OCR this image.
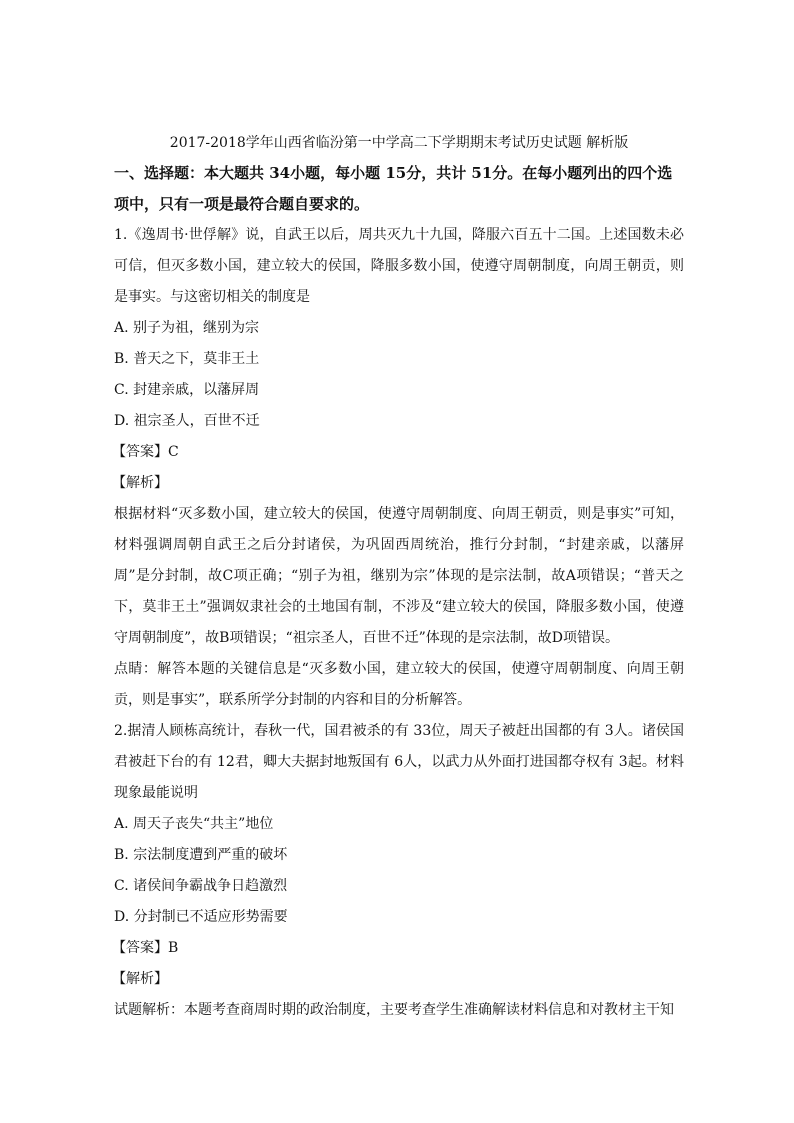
2017-2018学年山西省临汾第一中学高二下学期期末考试历史试题 解析版
一、选择题：本大题共 34小题，每小题 15分，共计 51分。在每小题列出的四个选项中，只有一项是最符合题自要求的。

1.《逸周书·世俘解》说，自武王以后，周共灭九十九国，降服六百五十二国。上述国数未必可信，但灭多数小国，建立较大的侯国，降服多数小国，使遵守周朝制度，向周王朝贡，则是事实。与这密切相关的制度是

A. 别子为祖，继别为宗

B. 普天之下，莫非王土

C. 封建亲戚，以藩屏周

D. 祖宗圣人，百世不迁

【答案】C

【解析】

根据材料“灭多数小国，建立较大的侯国，使遵守周朝制度、向周王朝贡，则是事实”可知，材料强调周朝自武王之后分封诸侯，为巩固西周统治，推行分封制，“封建亲戚，以藩屏周”是分封制，故C项正确；“别子为祖，继别为宗”体现的是宗法制，故A项错误；“普天之下，莫非王土”强调奴隶社会的土地国有制，不涉及“建立较大的侯国，降服多数小国，使遵守周朝制度”，故B项错误；“祖宗圣人，百世不迁”体现的是宗法制，故D项错误。

点睛：解答本题的关键信息是“灭多数小国，建立较大的侯国，使遵守周朝制度、向周王朝贡，则是事实”，联系所学分封制的内容和目的分析解答。

2.据清人顾栋高统计，春秋一代，国君被杀的有 33位，周天子被赶出国都的有 3人。诸侯国君被赶下台的有 12君，卿大夫据封地叛国有 6人，以武力从外面打进国都夺权有 3起。材料现象最能说明

A. 周天子丧失“共主”地位

B. 宗法制度遭到严重的破坏

C. 诸侯间争霸战争日趋激烈

D. 分封制已不适应形势需要

【答案】B

【解析】

试题解析：本题考查商周时期的政治制度，主要考查学生准确解读材料信息和对教材主干知
